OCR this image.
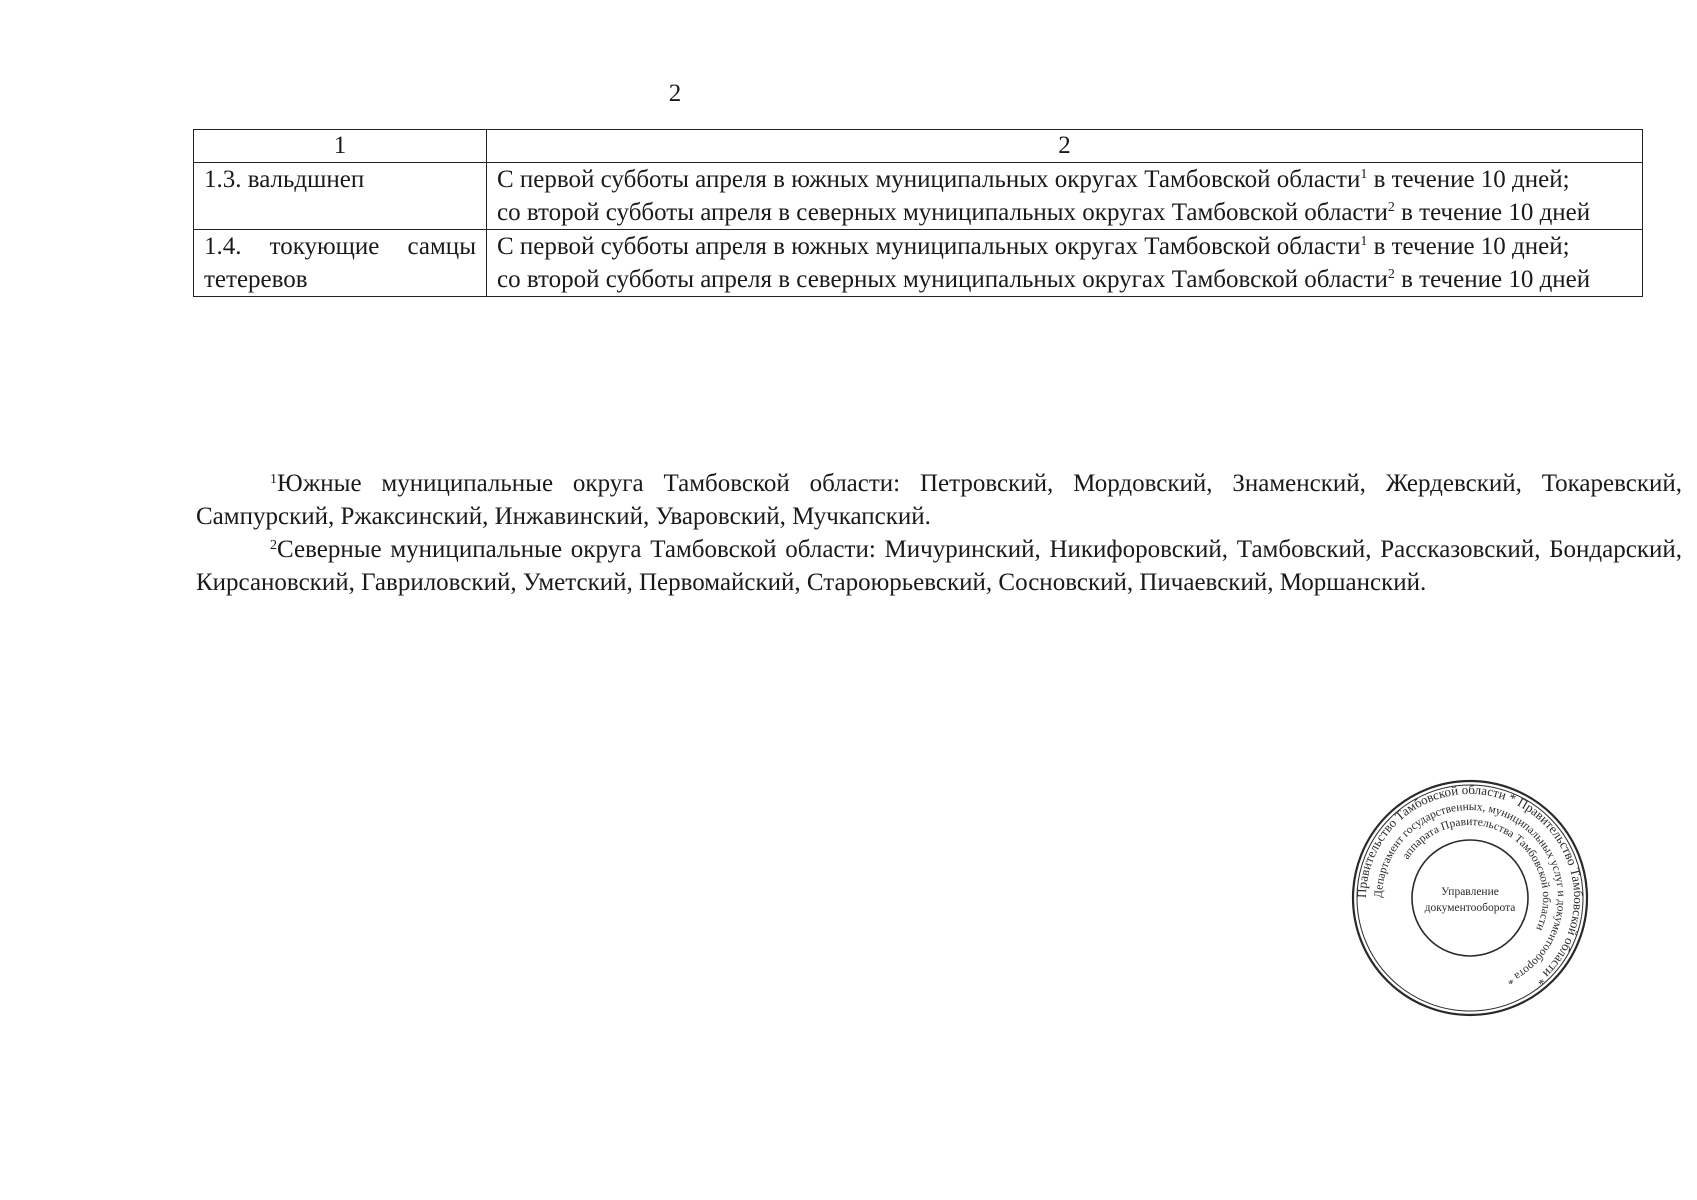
2
1	2
1.3. вальдшнеп	С первой субботы апреля в южных муниципальных округах Тамбовской области$^1$ в течение 10 дней;
со второй субботы апреля в северных муниципальных округах Тамбовской области$^2$ в течение 10 дней

1.4. токующие самцы тетеревов	С первой субботы апреля в южных муниципальных округах Тамбовской области$^1$ в течение 10 дней;
со второй субботы апреля в северных муниципальных округах Тамбовской области$^2$ в течение 10 дней

$^1$Южные муниципальные округа Тамбовской области: Петровский, Мордовский, Знаменский, Жердевский, Токаревский, Сампурский, Ржаксинский, Инжавинский, Уваровский, Мучкапский.

$^2$Северные муниципальные округа Тамбовской области: Мичуринский, Никифоровский, Тамбовский, Рассказовский, Бондарский, Кирсановский, Гавриловский, Уметский, Первомайский, Староюрьевский, Сосновский, Пичаевский, Моршанский.

Правительство Тамбовской области * Правительство Тамбовской области *
Департамент государственных, муниципальных услуг и документооборота *
аппарата Правительства Тамбовской области
Управление
документооборота
